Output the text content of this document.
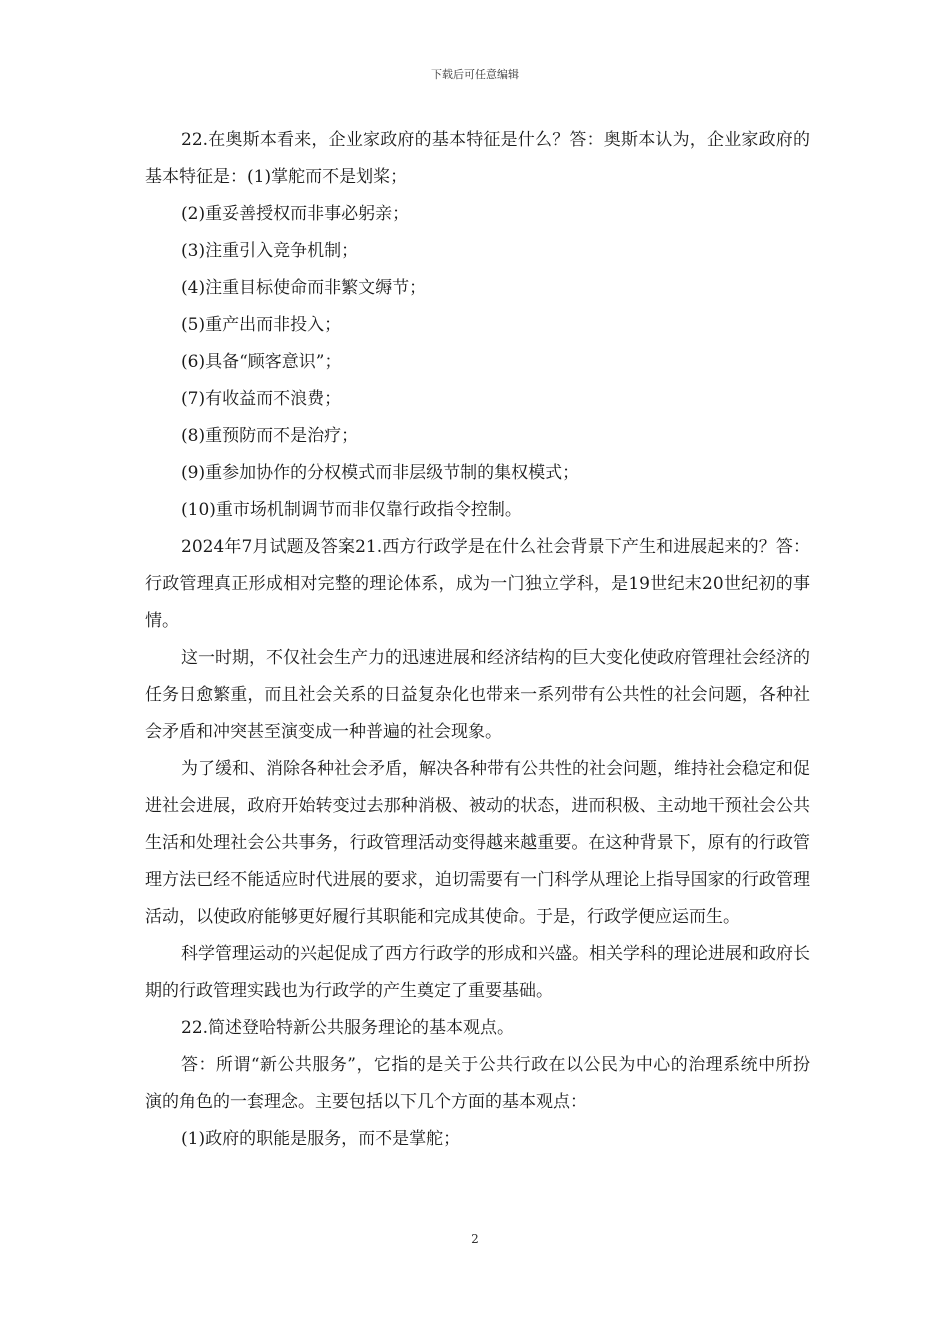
下载后可任意编辑

22.在奥斯本看来，企业家政府的基本特征是什么？答：奥斯本认为，企业家政府的基本特征是：(1)掌舵而不是划桨；

(2)重妥善授权而非事必躬亲；

(3)注重引入竞争机制；

(4)注重目标使命而非繁文缛节；

(5)重产出而非投入；

(6)具备“顾客意识”；

(7)有收益而不浪费；

(8)重预防而不是治疗；

(9)重参加协作的分权模式而非层级节制的集权模式；

(10)重市场机制调节而非仅靠行政指令控制。

2024年7月试题及答案21.西方行政学是在什么社会背景下产生和进展起来的？答：行政管理真正形成相对完整的理论体系，成为一门独立学科，是19世纪末20世纪初的事情。

这一时期，不仅社会生产力的迅速进展和经济结构的巨大变化使政府管理社会经济的任务日愈繁重，而且社会关系的日益复杂化也带来一系列带有公共性的社会问题，各种社会矛盾和冲突甚至演变成一种普遍的社会现象。

为了缓和、消除各种社会矛盾，解决各种带有公共性的社会问题，维持社会稳定和促进社会进展，政府开始转变过去那种消极、被动的状态，进而积极、主动地干预社会公共生活和处理社会公共事务，行政管理活动变得越来越重要。在这种背景下，原有的行政管理方法已经不能适应时代进展的要求，迫切需要有一门科学从理论上指导国家的行政管理活动，以使政府能够更好履行其职能和完成其使命。于是，行政学便应运而生。

科学管理运动的兴起促成了西方行政学的形成和兴盛。相关学科的理论进展和政府长期的行政管理实践也为行政学的产生奠定了重要基础。

22.简述登哈特新公共服务理论的基本观点。

答：所谓“新公共服务”，它指的是关于公共行政在以公民为中心的治理系统中所扮演的角色的一套理念。主要包括以下几个方面的基本观点：

(1)政府的职能是服务，而不是掌舵；

2
